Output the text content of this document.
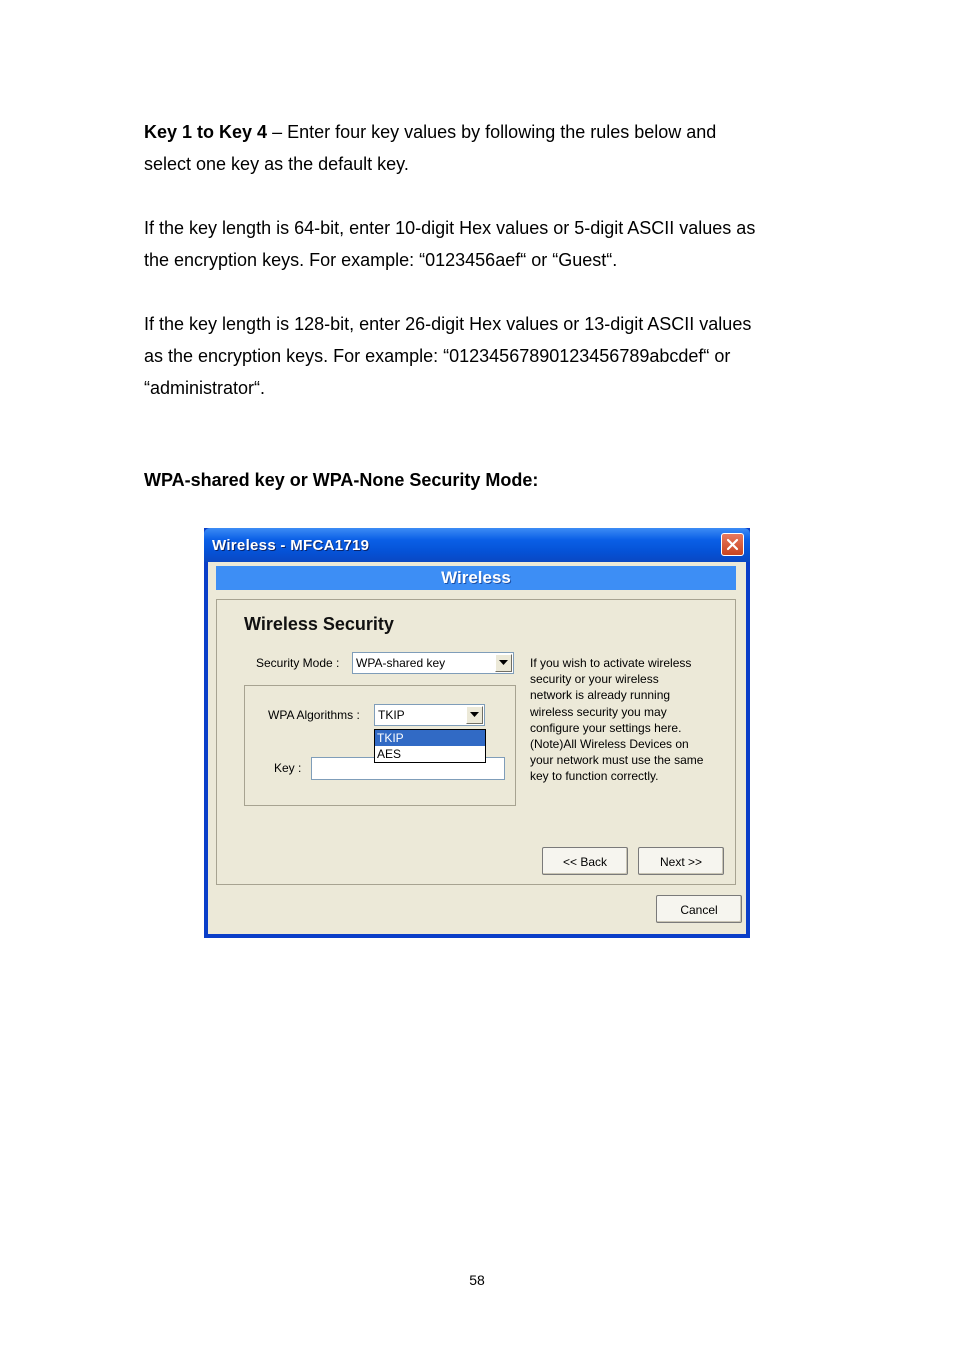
Key 1 to Key 4 – Enter four key values by following the rules below and
select one key as the default key.

If the key length is 64-bit, enter 10-digit Hex values or 5-digit ASCII values as
the encryption keys. For example: “0123456aef“ or “Guest“.

If the key length is 128-bit, enter 26-digit Hex values or 13-digit ASCII values
as the encryption keys. For example: “01234567890123456789abcdef“ or
“administrator“.

WPA-shared key or WPA-None Security Mode:

Wireless - MFCA1719
Wireless
Wireless Security
Security Mode : WPA-shared key
WPA Algorithms : TKIP
TKIP
AES
Key :
If you wish to activate wireless
security or your wireless
network is already running
wireless security you may
configure your settings here.
(Note)All Wireless Devices on
your network must use the same
key to function correctly.
<< Back	Next >>
Cancel
58
